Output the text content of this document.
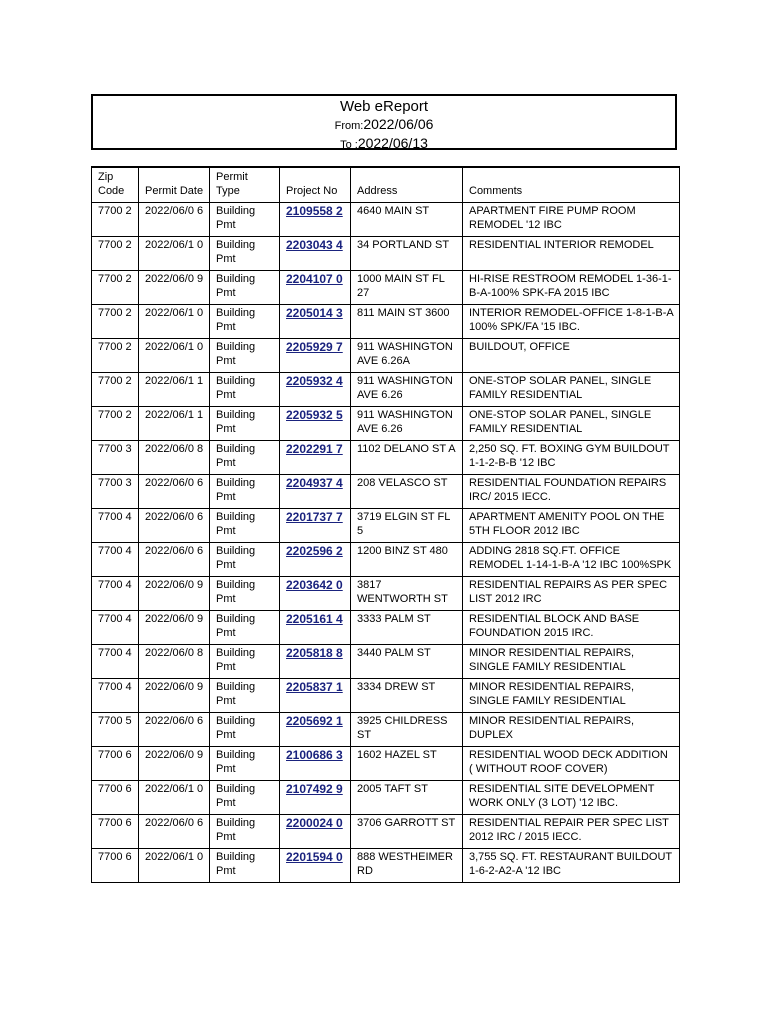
Web eReport
From:2022/06/06
To :2022/06/13
Zip Code	Permit Date	Permit Type	Project No	Address	Comments
7700 2	2022/06/0 6	Building Pmt	2109558 2	4640 MAIN ST	APARTMENT FIRE PUMP ROOM REMODEL '12 IBC
7700 2	2022/06/1 0	Building Pmt	2203043 4	34 PORTLAND ST	RESIDENTIAL INTERIOR REMODEL
7700 2	2022/06/0 9	Building Pmt	2204107 0	1000 MAIN ST FL 27	HI-RISE RESTROOM REMODEL 1-36-1-B-A-100% SPK-FA 2015 IBC
7700 2	2022/06/1 0	Building Pmt	2205014 3	811 MAIN ST 3600	INTERIOR REMODEL-OFFICE 1-8-1-B-A 100% SPK/FA '15 IBC.
7700 2	2022/06/1 0	Building Pmt	2205929 7	911 WASHINGTON AVE 6.26A	BUILDOUT, OFFICE
7700 2	2022/06/1 1	Building Pmt	2205932 4	911 WASHINGTON AVE 6.26	ONE-STOP SOLAR PANEL, SINGLE FAMILY RESIDENTIAL
7700 2	2022/06/1 1	Building Pmt	2205932 5	911 WASHINGTON AVE 6.26	ONE-STOP SOLAR PANEL, SINGLE FAMILY RESIDENTIAL
7700 3	2022/06/0 8	Building Pmt	2202291 7	1102 DELANO ST A	2,250 SQ. FT. BOXING GYM BUILDOUT 1-1-2-B-B '12 IBC
7700 3	2022/06/0 6	Building Pmt	2204937 4	208 VELASCO ST	RESIDENTIAL FOUNDATION REPAIRS IRC/ 2015 IECC.
7700 4	2022/06/0 6	Building Pmt	2201737 7	3719 ELGIN ST FL 5	APARTMENT AMENITY POOL ON THE 5TH FLOOR 2012 IBC
7700 4	2022/06/0 6	Building Pmt	2202596 2	1200 BINZ ST 480	ADDING 2818 SQ.FT. OFFICE REMODEL 1-14-1-B-A '12 IBC 100%SPK
7700 4	2022/06/0 9	Building Pmt	2203642 0	3817 WENTWORTH ST	RESIDENTIAL REPAIRS AS PER SPEC LIST 2012 IRC
7700 4	2022/06/0 9	Building Pmt	2205161 4	3333 PALM ST	RESIDENTIAL BLOCK AND BASE FOUNDATION 2015 IRC.
7700 4	2022/06/0 8	Building Pmt	2205818 8	3440 PALM ST	MINOR RESIDENTIAL REPAIRS, SINGLE FAMILY RESIDENTIAL
7700 4	2022/06/0 9	Building Pmt	2205837 1	3334 DREW ST	MINOR RESIDENTIAL REPAIRS, SINGLE FAMILY RESIDENTIAL
7700 5	2022/06/0 6	Building Pmt	2205692 1	3925 CHILDRESS ST	MINOR RESIDENTIAL REPAIRS, DUPLEX
7700 6	2022/06/0 9	Building Pmt	2100686 3	1602 HAZEL ST	RESIDENTIAL WOOD DECK ADDITION ( WITHOUT ROOF COVER)
7700 6	2022/06/1 0	Building Pmt	2107492 9	2005 TAFT ST	RESIDENTIAL SITE DEVELOPMENT WORK ONLY (3 LOT) '12 IBC.
7700 6	2022/06/0 6	Building Pmt	2200024 0	3706 GARROTT ST	RESIDENTIAL REPAIR PER SPEC LIST 2012 IRC / 2015 IECC.
7700 6	2022/06/1 0	Building Pmt	2201594 0	888 WESTHEIMER RD	3,755 SQ. FT. RESTAURANT BUILDOUT 1-6-2-A2-A '12 IBC
